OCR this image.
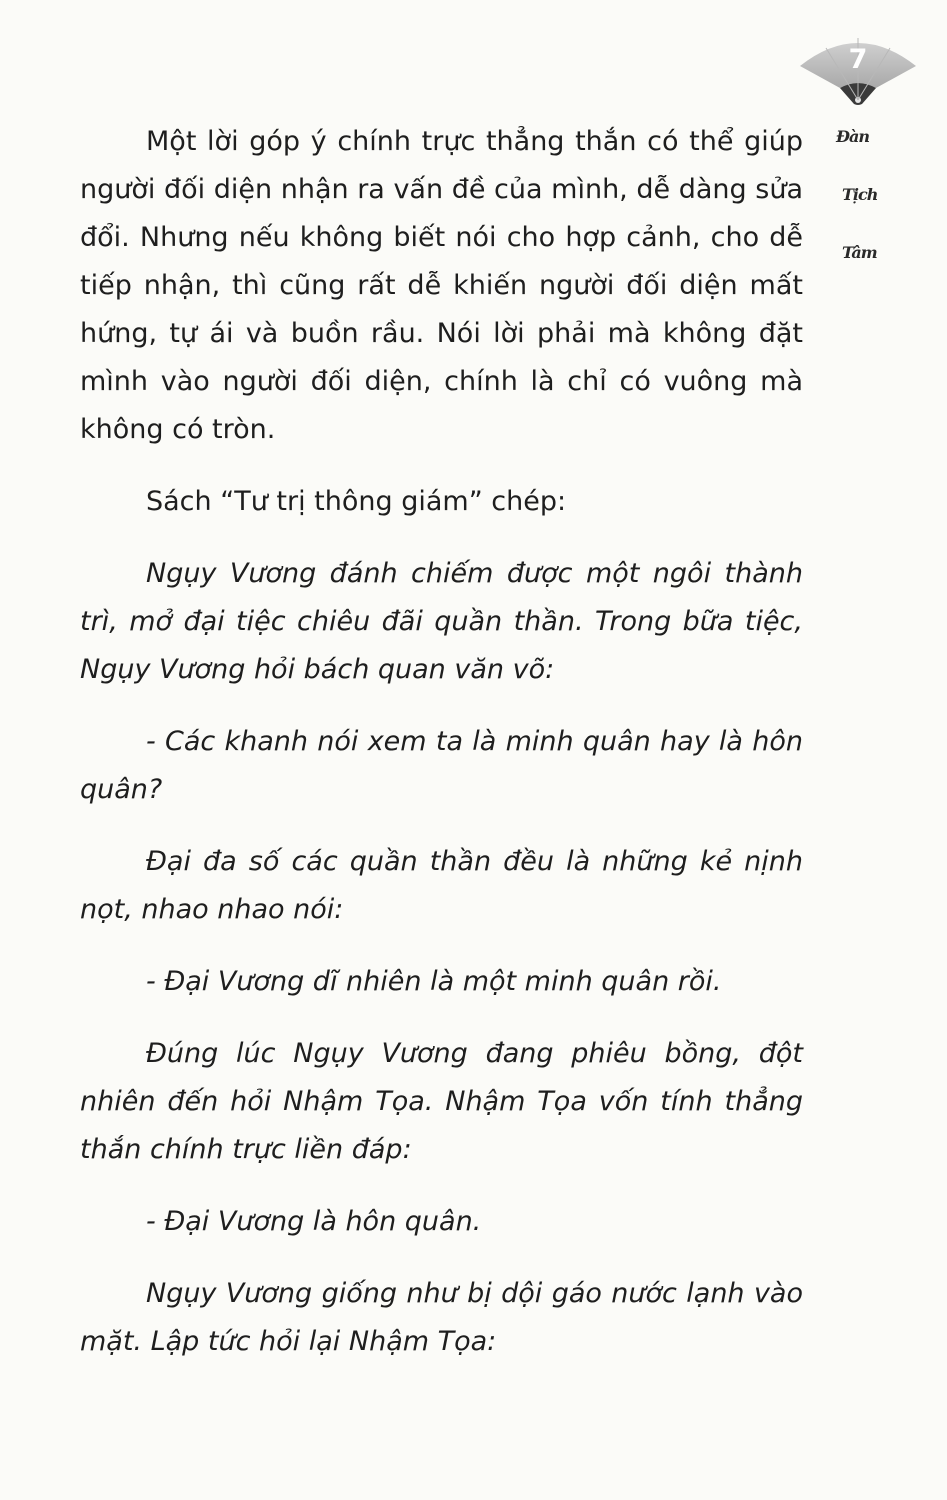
7
Đàn
Tịch
Tâm

Một lời góp ý chính trực thẳng thắn có thể giúp người đối diện nhận ra vấn đề của mình, dễ dàng sửa đổi. Nhưng nếu không biết nói cho hợp cảnh, cho dễ tiếp nhận, thì cũng rất dễ khiến người đối diện mất hứng, tự ái và buồn rầu. Nói lời phải mà không đặt mình vào người đối diện, chính là chỉ có vuông mà không có tròn.

Sách “Tư trị thông giám” chép:

Ngụy Vương đánh chiếm được một ngôi thành trì, mở đại tiệc chiêu đãi quần thần. Trong bữa tiệc, Ngụy Vương hỏi bách quan văn võ:

- Các khanh nói xem ta là minh quân hay là hôn quân?

Đại đa số các quần thần đều là những kẻ nịnh nọt, nhao nhao nói:

- Đại Vương dĩ nhiên là một minh quân rồi.

Đúng lúc Ngụy Vương đang phiêu bồng, đột nhiên đến hỏi Nhậm Tọa. Nhậm Tọa vốn tính thẳng thắn chính trực liền đáp:

- Đại Vương là hôn quân.

Ngụy Vương giống như bị dội gáo nước lạnh vào mặt. Lập tức hỏi lại Nhậm Tọa:
